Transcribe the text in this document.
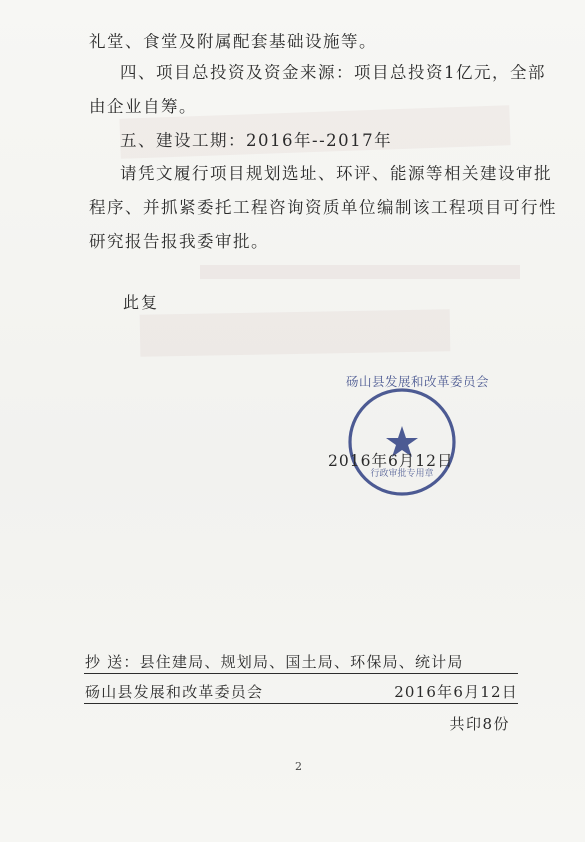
礼堂、食堂及附属配套基础设施等。
四、项目总投资及资金来源：项目总投资1亿元，全部
由企业自筹。
五、建设工期：2016年--2017年
请凭文履行项目规划选址、环评、能源等相关建设审批
程序、并抓紧委托工程咨询资质单位编制该工程项目可行性
研究报告报我委审批。
此复
砀山县发展和改革委员会
行政审批专用章
2016年6月12日
抄 送：县住建局、规划局、国土局、环保局、统计局
砀山县发展和改革委员会	2016年6月12日
共印8份
2
